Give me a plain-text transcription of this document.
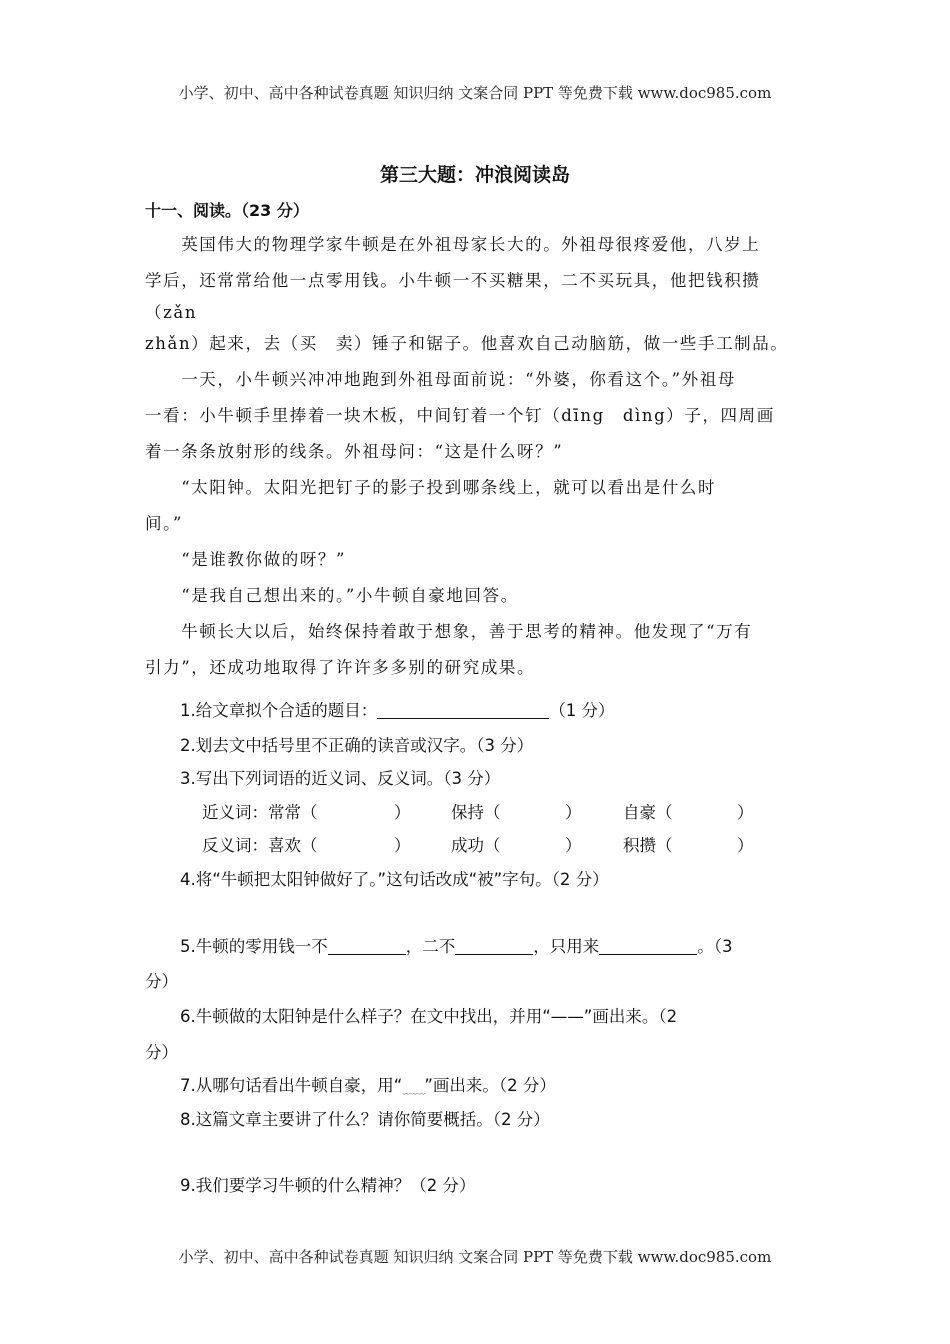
小学、初中、高中各种试卷真题 知识归纳 文案合同 PPT 等免费下载 www.doc985.com
第三大题：冲浪阅读岛
十一、阅读。（23 分）
　　英国伟大的物理学家牛顿是在外祖母家长大的。外祖母很疼爱他，八岁上
学后，还常常给他一点零用钱。小牛顿一不买糖果，二不买玩具，他把钱积攒
（zǎn
zhǎn）起来，去（买　卖）锤子和锯子。他喜欢自己动脑筋，做一些手工制品。
　　一天，小牛顿兴冲冲地跑到外祖母面前说：“外婆，你看这个。”外祖母
一看：小牛顿手里捧着一块木板，中间钉着一个钉（dīng　dìng）子，四周画
着一条条放射形的线条。外祖母问：“这是什么呀？”
　　“太阳钟。太阳光把钉子的影子投到哪条线上，就可以看出是什么时
间。”
　　“是谁教你做的呀？”
　　“是我自己想出来的。”小牛顿自豪地回答。
　　牛顿长大以后，始终保持着敢于想象，善于思考的精神。他发现了“万有
引力”，还成功地取得了许许多多别的研究成果。
1.给文章拟个合适的题目：	（1 分）
2.划去文中括号里不正确的读音或汉字。（3 分）
3.写出下列词语的近义词、反义词。（3 分）
近义词：常常（	） 保持（	）	自豪（	）
反义词：喜欢（	） 成功（	）	积攒（	）
4.将“牛顿把太阳钟做好了。”这句话改成“被”字句。（2 分）
5.牛顿的零用钱一不	，二不	，只用来	。（3
分）
6.牛顿做的太阳钟是什么样子？在文中找出，并用“——”画出来。（2
分）
7.从哪句话看出牛顿自豪，用“﹏﹏”画出来。（2 分）
8.这篇文章主要讲了什么？请你简要概括。（2 分）
9.我们要学习牛顿的什么精神？（2 分）
小学、初中、高中各种试卷真题 知识归纳 文案合同 PPT 等免费下载 www.doc985.com
